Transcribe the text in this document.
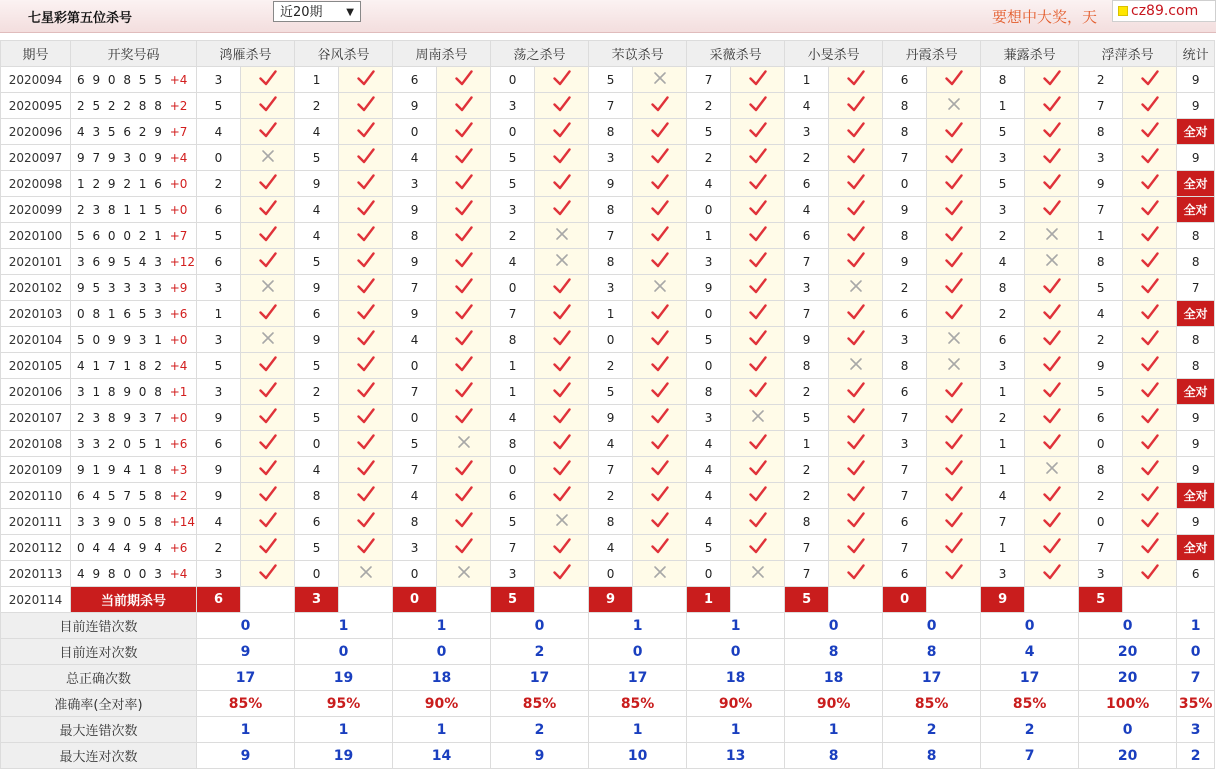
七星彩第五位杀号	近20期 ▼	要想中大奖，天	cz89.com
期号	开奖号码	鸿雁杀号		谷风杀号		周南杀号		荡之杀号		芣苡杀号		采薇杀号		小旻杀号		丹霞杀号		蒹露杀号		浮萍杀号		统计
2020094	6 9 0 8 5 5 +4	3		1		6		0		5		7		1		6		8		2		9
2020095	2 5 2 2 8 8 +2	5		2		9		3		7		2		4		8		1		7		9
2020096	4 3 5 6 2 9 +7	4		4		0		0		8		5		3		8		5		8		全对
2020097	9 7 9 3 0 9 +4	0		5		4		5		3		2		2		7		3		3		9
2020098	1 2 9 2 1 6 +0	2		9		3		5		9		4		6		0		5		9		全对
2020099	2 3 8 1 1 5 +0	6		4		9		3		8		0		4		9		3		7		全对
2020100	5 6 0 0 2 1 +7	5		4		8		2		7		1		6		8		2		1		8
2020101	3 6 9 5 4 3 +12	6		5		9		4		8		3		7		9		4		8		8
2020102	9 5 3 3 3 3 +9	3		9		7		0		3		9		3		2		8		5		7
2020103	0 8 1 6 5 3 +6	1		6		9		7		1		0		7		6		2		4		全对
2020104	5 0 9 9 3 1 +0	3		9		4		8		0		5		9		3		6		2		8
2020105	4 1 7 1 8 2 +4	5		5		0		1		2		0		8		8		3		9		8
2020106	3 1 8 9 0 8 +1	3		2		7		1		5		8		2		6		1		5		全对
2020107	2 3 8 9 3 7 +0	9		5		0		4		9		3		5		7		2		6		9
2020108	3 3 2 0 5 1 +6	6		0		5		8		4		4		1		3		1		0		9
2020109	9 1 9 4 1 8 +3	9		4		7		0		7		4		2		7		1		8		9
2020110	6 4 5 7 5 8 +2	9		8		4		6		2		4		2		7		4		2		全对
2020111	3 3 9 0 5 8 +14	4		6		8		5		8		4		8		6		7		0		9
2020112	0 4 4 4 9 4 +6	2		5		3		7		4		5		7		7		1		7		全对
2020113	4 9 8 0 0 3 +4	3		0		0		3		0		0		7		6		3		3		6
2020114	当前期杀号	6		3		0		5		9		1		5		0		9		5		
目前连错次数		0		1		1		0		1		1		0		0		0		0		1
目前连对次数		9		0		0		2		0		0		8		8		4		20		0
总正确次数		17		19		18		17		17		18		18		17		17		20		7
准确率(全对率)		85%		95%		90%		85%		85%		90%		90%		85%		85%		100%		35%
最大连错次数		1		1		1		2		1		1		1		2		2		0		3
最大连对次数		9		19		14		9		10		13		8		8		7		20		2
